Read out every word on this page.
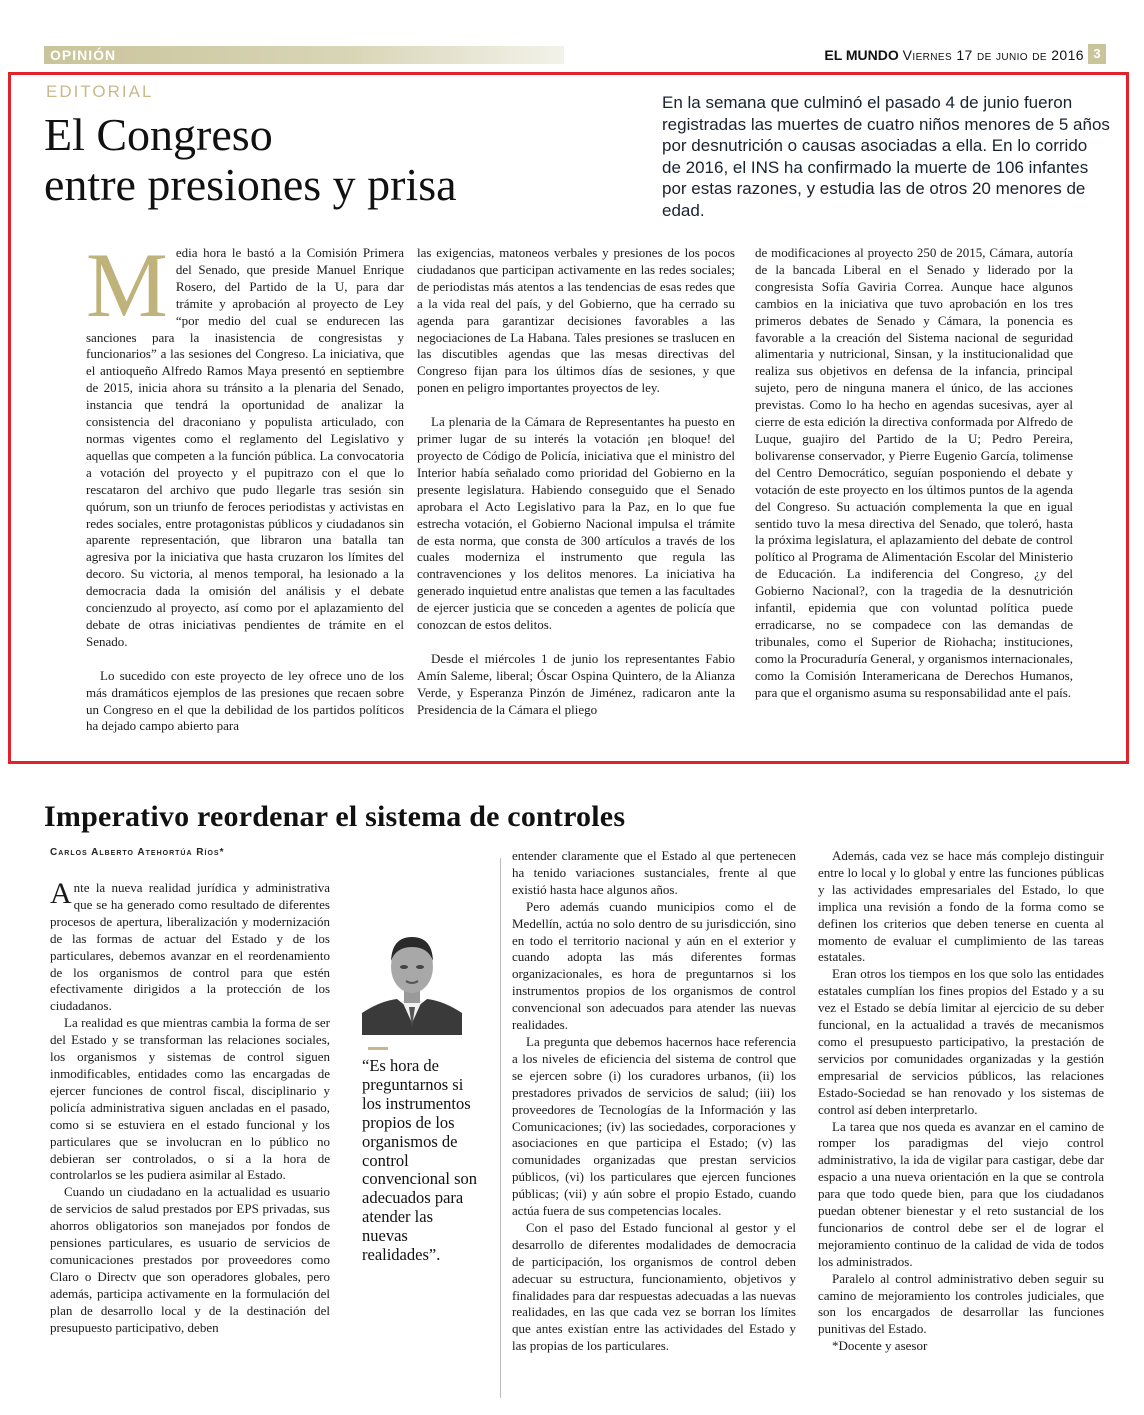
OPINIÓN	EL MUNDO Viernes 17 de junio de 2016 3
EDITORIAL
El Congreso
entre presiones y prisa
En la semana que culminó el pasado 4 de junio fueron registradas las muertes de cuatro niños menores de 5 años por desnutrición o causas asociadas a ella. En lo corrido de 2016, el INS ha confirmado la muerte de 106 infantes por estas razones, y estudia las de otros 20 menores de edad.

Media hora le bastó a la Comisión Primera del Senado, que preside Manuel Enrique Rosero, del Partido de la U, para dar trámite y aprobación al proyecto de Ley “por medio del cual se endurecen las sanciones para la inasistencia de congresistas y funcionarios” a las sesiones del Congreso. La iniciativa, que el antioqueño Alfredo Ramos Maya presentó en septiembre de 2015, inicia ahora su tránsito a la plenaria del Senado, instancia que tendrá la oportunidad de analizar la consistencia del draconiano y populista articulado, con normas vigentes como el reglamento del Legislativo y aquellas que competen a la función pública. La convocatoria a votación del proyecto y el pupitrazo con el que lo rescataron del archivo que pudo llegarle tras sesión sin quórum, son un triunfo de feroces periodistas y activistas en redes sociales, entre protagonistas públicos y ciudadanos sin aparente representación, que libraron una batalla tan agresiva por la iniciativa que hasta cruzaron los límites del decoro. Su victoria, al menos temporal, ha lesionado a la democracia dada la omisión del análisis y el debate concienzudo al proyecto, así como por el aplazamiento del debate de otras iniciativas pendientes de trámite en el Senado.

Lo sucedido con este proyecto de ley ofrece uno de los más dramáticos ejemplos de las presiones que recaen sobre un Congreso en el que la debilidad de los partidos políticos ha dejado campo abierto para

las exigencias, matoneos verbales y presiones de los pocos ciudadanos que participan activamente en las redes sociales; de periodistas más atentos a las tendencias de esas redes que a la vida real del país, y del Gobierno, que ha cerrado su agenda para garantizar decisiones favorables a las negociaciones de La Habana. Tales presiones se traslucen en las discutibles agendas que las mesas directivas del Congreso fijan para los últimos días de sesiones, y que ponen en peligro importantes proyectos de ley.

La plenaria de la Cámara de Representantes ha puesto en primer lugar de su interés la votación ¡en bloque! del proyecto de Código de Policía, iniciativa que el ministro del Interior había señalado como prioridad del Gobierno en la presente legislatura. Habiendo conseguido que el Senado aprobara el Acto Legislativo para la Paz, en lo que fue estrecha votación, el Gobierno Nacional impulsa el trámite de esta norma, que consta de 300 artículos a través de los cuales moderniza el instrumento que regula las contravenciones y los delitos menores. La iniciativa ha generado inquietud entre analistas que temen a las facultades de ejercer justicia que se conceden a agentes de policía que conozcan de estos delitos.

Desde el miércoles 1 de junio los representantes Fabio Amín Saleme, liberal; Óscar Ospina Quintero, de la Alianza Verde, y Esperanza Pinzón de Jiménez, radicaron ante la Presidencia de la Cámara el pliego

de modificaciones al proyecto 250 de 2015, Cámara, autoría de la bancada Liberal en el Senado y liderado por la congresista Sofía Gaviria Correa. Aunque hace algunos cambios en la iniciativa que tuvo aprobación en los tres primeros debates de Senado y Cámara, la ponencia es favorable a la creación del Sistema nacional de seguridad alimentaria y nutricional, Sinsan, y la institucionalidad que realiza sus objetivos en defensa de la infancia, principal sujeto, pero de ninguna manera el único, de las acciones previstas. Como lo ha hecho en agendas sucesivas, ayer al cierre de esta edición la directiva conformada por Alfredo de Luque, guajiro del Partido de la U; Pedro Pereira, bolivarense conservador, y Pierre Eugenio García, tolimense del Centro Democrático, seguían posponiendo el debate y votación de este proyecto en los últimos puntos de la agenda del Congreso. Su actuación complementa la que en igual sentido tuvo la mesa directiva del Senado, que toleró, hasta la próxima legislatura, el aplazamiento del debate de control político al Programa de Alimentación Escolar del Ministerio de Educación. La indiferencia del Congreso, ¿y del Gobierno Nacional?, con la tragedia de la desnutrición infantil, epidemia que con voluntad política puede erradicarse, no se compadece con las demandas de tribunales, como el Superior de Riohacha; instituciones, como la Procuraduría General, y organismos internacionales, como la Comisión Interamericana de Derechos Humanos, para que el organismo asuma su responsabilidad ante el país.

Imperativo reordenar el sistema de controles
Carlos Alberto Atehortúa Ríos*

Ante la nueva realidad jurídica y administrativa que se ha generado como resultado de diferentes procesos de apertura, liberalización y modernización de las formas de actuar del Estado y de los particulares, debemos avanzar en el reordenamiento de los organismos de control para que estén efectivamente dirigidos a la protección de los ciudadanos.

La realidad es que mientras cambia la forma de ser del Estado y se transforman las relaciones sociales, los organismos y sistemas de control siguen inmodificables, entidades como las encargadas de ejercer funciones de control fiscal, disciplinario y policía administrativa siguen ancladas en el pasado, como si se estuviera en el estado funcional y los particulares que se involucran en lo público no debieran ser controlados, o si a la hora de controlarlos se les pudiera asimilar al Estado.

Cuando un ciudadano en la actualidad es usuario de servicios de salud prestados por EPS privadas, sus ahorros obligatorios son manejados por fondos de pensiones particulares, es usuario de servicios de comunicaciones prestados por proveedores como Claro o Directv que son operadores globales, pero además, participa activamente en la formulación del plan de desarrollo local y de la destinación del presupuesto participativo, deben

“Es hora de preguntarnos si los instrumentos propios de los organismos de control convencional son adecuados para atender las nuevas realidades”.

entender claramente que el Estado al que pertenecen ha tenido variaciones sustanciales, frente al que existió hasta hace algunos años.

Pero además cuando municipios como el de Medellín, actúa no solo dentro de su jurisdicción, sino en todo el territorio nacional y aún en el exterior y cuando adopta las más diferentes formas organizacionales, es hora de preguntarnos si los instrumentos propios de los organismos de control convencional son adecuados para atender las nuevas realidades.

La pregunta que debemos hacernos hace referencia a los niveles de eficiencia del sistema de control que se ejercen sobre (i) los curadores urbanos, (ii) los prestadores privados de servicios de salud; (iii) los proveedores de Tecnologías de la Información y las Comunicaciones; (iv) las sociedades, corporaciones y asociaciones en que participa el Estado; (v) las comunidades organizadas que prestan servicios públicos, (vi) los particulares que ejercen funciones públicas; (vii) y aún sobre el propio Estado, cuando actúa fuera de sus competencias locales.

Con el paso del Estado funcional al gestor y el desarrollo de diferentes modalidades de democracia de participación, los organismos de control deben adecuar su estructura, funcionamiento, objetivos y finalidades para dar respuestas adecuadas a las nuevas realidades, en las que cada vez se borran los límites que antes existían entre las actividades del Estado y las propias de los particulares.

Además, cada vez se hace más complejo distinguir entre lo local y lo global y entre las funciones públicas y las actividades empresariales del Estado, lo que implica una revisión a fondo de la forma como se definen los criterios que deben tenerse en cuenta al momento de evaluar el cumplimiento de las tareas estatales.

Eran otros los tiempos en los que solo las entidades estatales cumplían los fines propios del Estado y a su vez el Estado se debía limitar al ejercicio de su deber funcional, en la actualidad a través de mecanismos como el presupuesto participativo, la prestación de servicios por comunidades organizadas y la gestión empresarial de servicios públicos, las relaciones Estado-Sociedad se han renovado y los sistemas de control así deben interpretarlo.

La tarea que nos queda es avanzar en el camino de romper los paradigmas del viejo control administrativo, la ida de vigilar para castigar, debe dar espacio a una nueva orientación en la que se controla para que todo quede bien, para que los ciudadanos puedan obtener bienestar y el reto sustancial de los funcionarios de control debe ser el de lograr el mejoramiento continuo de la calidad de vida de todos los administrados.

Paralelo al control administrativo deben seguir su camino de mejoramiento los controles judiciales, que son los encargados de desarrollar las funciones punitivas del Estado.

*Docente y asesor
